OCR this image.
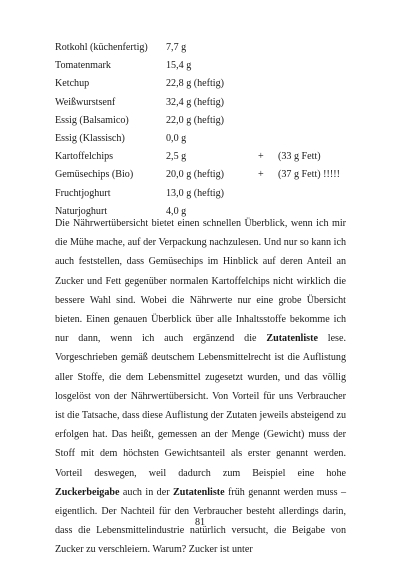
Rotkohl (küchenfertig) 7,7 g
Tomatenmark	15,4 g
Ketchup	22,8 g (heftig)
Weißwurstsenf	32,4 g (heftig)
Essig (Balsamico)	22,0 g (heftig)
Essig (Klassisch)	0,0 g
Kartoffelchips	2,5 g	+ (33 g Fett)
Gemüsechips (Bio)	20,0 g (heftig)	+ (37 g Fett) !!!!!
Fruchtjoghurt	13,0 g (heftig)
Naturjoghurt	4,0 g

Die Nährwertübersicht bietet einen schnellen Überblick, wenn ich mir die Mühe mache, auf der Verpackung nachzulesen. Und nur so kann ich auch feststellen, dass Gemüsechips im Hinblick auf deren Anteil an Zucker und Fett gegenüber normalen Kartoffelchips nicht wirklich die bessere Wahl sind. Wobei die Nährwerte nur eine grobe Übersicht bieten. Einen genauen Überblick über alle Inhaltsstoffe bekomme ich nur dann, wenn ich auch ergänzend die Zutatenliste lese. Vorgeschrieben gemäß deutschem Lebensmittelrecht ist die Auflistung aller Stoffe, die dem Lebensmittel zugesetzt wurden, und das völlig losgelöst von der Nährwertübersicht. Von Vorteil für uns Verbraucher ist die Tatsache, dass diese Auflistung der Zutaten jeweils absteigend zu erfolgen hat. Das heißt, gemessen an der Menge (Gewicht) muss der Stoff mit dem höchsten Gewichtsanteil als erster genannt werden. Vorteil deswegen, weil dadurch zum Beispiel eine hohe Zuckerbeigabe auch in der Zutatenliste früh genannt werden muss – eigentlich. Der Nachteil für den Verbraucher besteht allerdings darin, dass die Lebensmittelindustrie natürlich versucht, die Beigabe von Zucker zu verschleiern. Warum? Zucker ist unter

81
